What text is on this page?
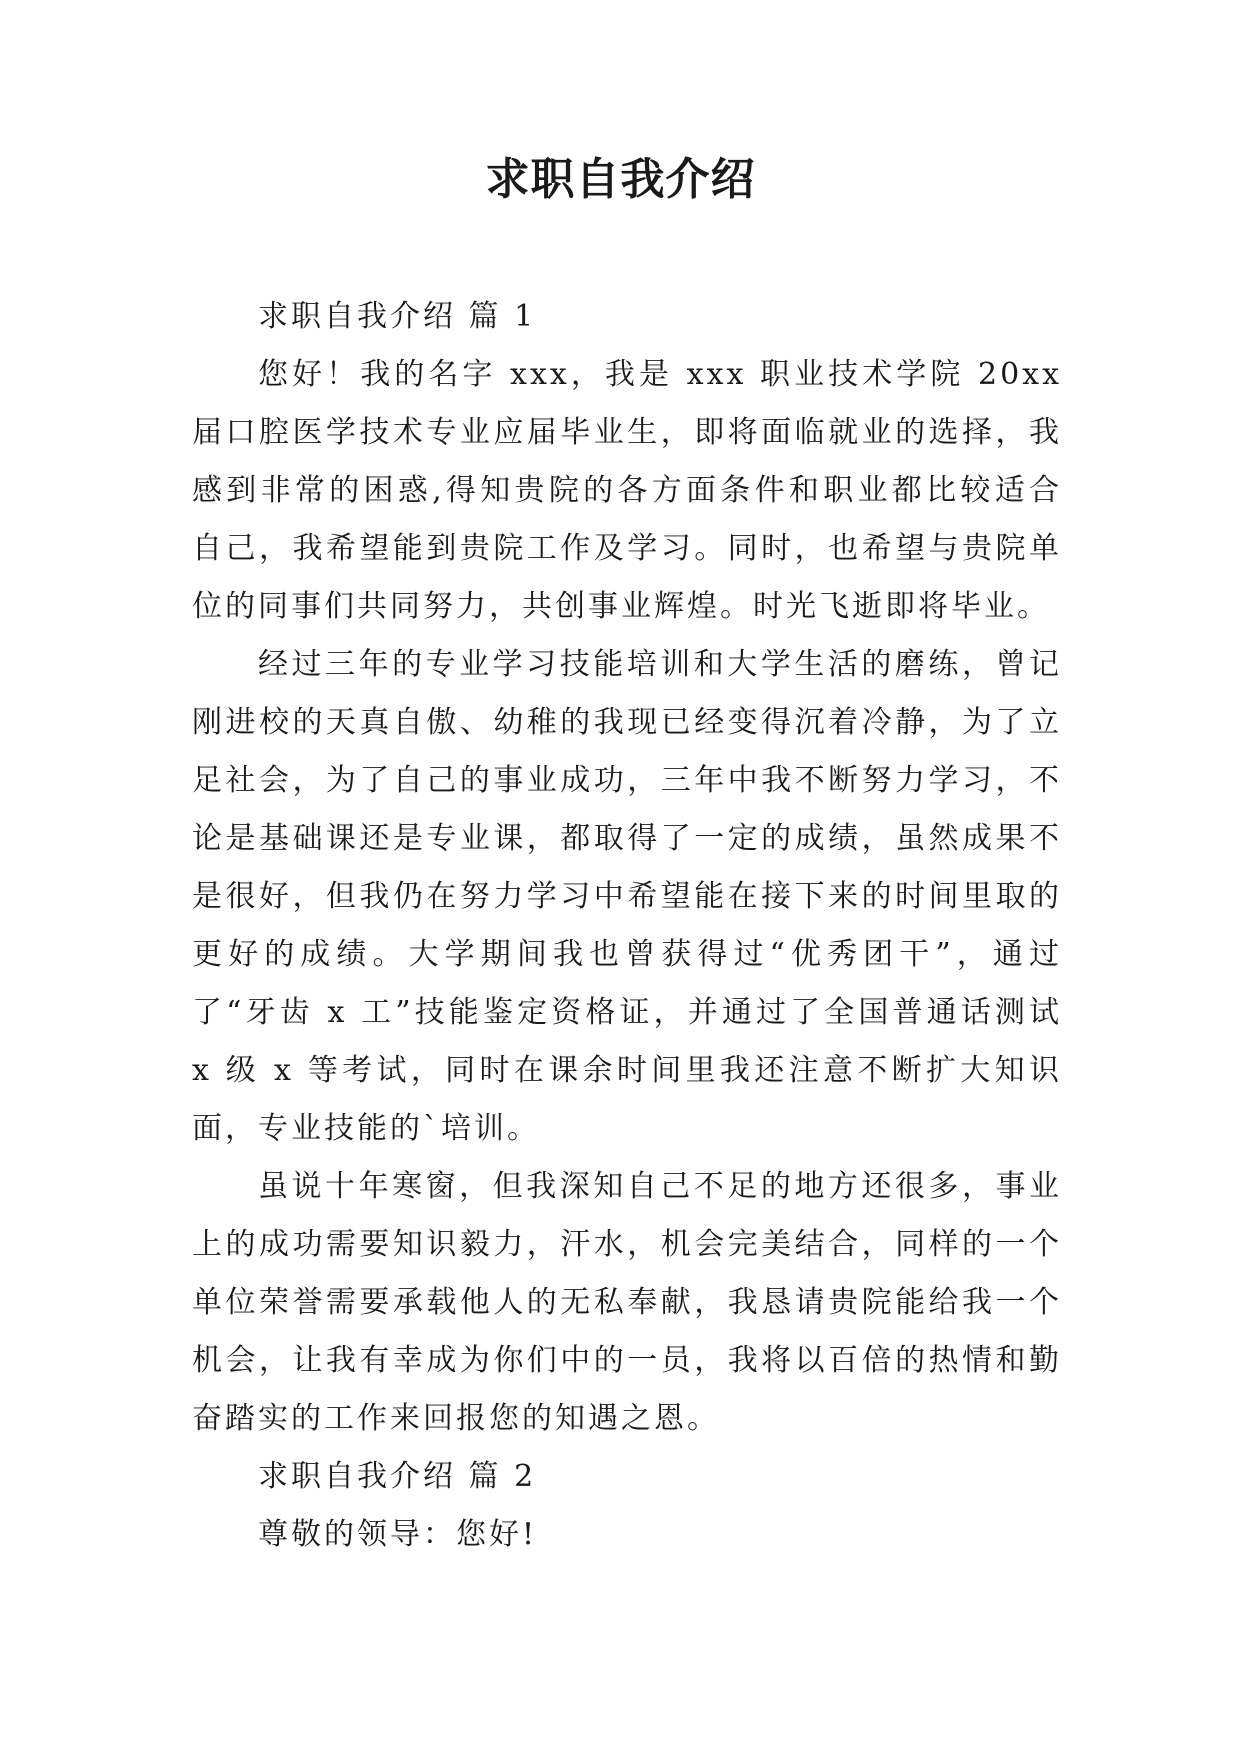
求职自我介绍

求职自我介绍 篇 1

您好！我的名字 xxx，我是 xxx 职业技术学院 20xx 届口腔医学技术专业应届毕业生，即将面临就业的选择，我感到非常的困惑,得知贵院的各方面条件和职业都比较适合自己，我希望能到贵院工作及学习。同时，也希望与贵院单位的同事们共同努力，共创事业辉煌。时光飞逝即将毕业。

经过三年的专业学习技能培训和大学生活的磨练，曾记刚进校的天真自傲、幼稚的我现已经变得沉着冷静，为了立足社会，为了自己的事业成功，三年中我不断努力学习，不论是基础课还是专业课，都取得了一定的成绩，虽然成果不是很好，但我仍在努力学习中希望能在接下来的时间里取的更好的成绩。大学期间我也曾获得过“优秀团干”，通过了“牙齿 x 工”技能鉴定资格证，并通过了全国普通话测试 x 级 x 等考试，同时在课余时间里我还注意不断扩大知识面，专业技能的`培训。

虽说十年寒窗，但我深知自己不足的地方还很多，事业上的成功需要知识毅力，汗水，机会完美结合，同样的一个单位荣誉需要承载他人的无私奉献，我恳请贵院能给我一个机会，让我有幸成为你们中的一员，我将以百倍的热情和勤奋踏实的工作来回报您的知遇之恩。

求职自我介绍 篇 2

尊敬的领导：您好!
